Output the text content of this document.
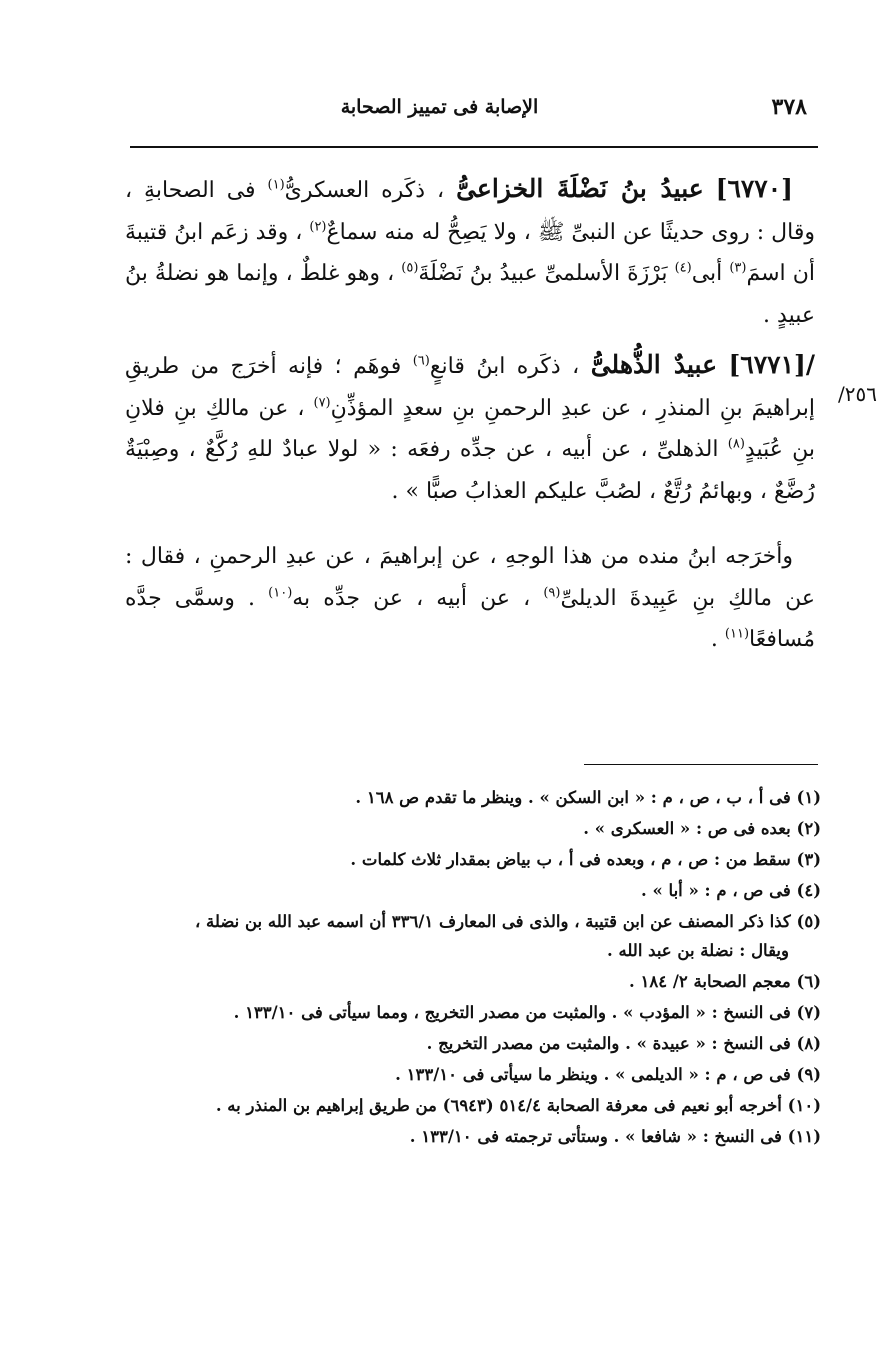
٣٧٨
الإصابة فى تمييز الصحابة
٢٥٦/

[٦٧٧٠] عبيدُ بنُ نَضْلَةَ الخزاعىُّ ، ذكَره العسكرىُّ$^{(١)}$ فى الصحابةِ ، وقال : روى حديثًا عن النبىِّ ﷺ ، ولا يَصِحُّ له منه سماعٌ$^{(٢)}$ ، وقد زعَم ابنُ قتيبةَ أن اسمَ$^{(٣)}$ أبى$^{(٤)}$ بَرْزَةَ الأسلمىِّ عبيدُ بنُ نَضْلَةَ$^{(٥)}$ ، وهو غلطٌ ، وإنما هو نضلةُ بنُ عبيدٍ .

/[٦٧٧١] عبيدٌ الذُّهلىُّ ، ذكَره ابنُ قانعٍ$^{(٦)}$ فوهَم ؛ فإنه أخرَج من طريقِ إبراهيمَ بنِ المنذرِ ، عن عبدِ الرحمنِ بنِ سعدٍ المؤذِّنِ$^{(٧)}$ ، عن مالكِ بنِ فلانِ بنِ عُبَيدٍ$^{(٨)}$ الذهلىِّ ، عن أبيه ، عن جدِّه رفعَه : « لولا عبادٌ للهِ رُكَّعٌ ، وصِبْيَةٌ رُضَّعٌ ، وبهائمُ رُتَّعٌ ، لصُبَّ عليكم العذابُ صبًّا » .

وأخرَجه ابنُ منده من هذا الوجهِ ، عن إبراهيمَ ، عن عبدِ الرحمنِ ، فقال : عن مالكِ بنِ عَبِيدةَ الديلىِّ$^{(٩)}$ ، عن أبيه ، عن جدِّه به$^{(١٠)}$ . وسمَّى جدَّه مُسافعًا$^{(١١)}$ .

(١) فى أ ، ب ، ص ، م : « ابن السكن » . وينظر ما تقدم ص ١٦٨ .

(٢) بعده فى ص : « العسكرى » .

(٣) سقط من : ص ، م ، وبعده فى أ ، ب بياض بمقدار ثلاث كلمات .

(٤) فى ص ، م : « أبا » .

(٥) كذا ذكر المصنف عن ابن قتيبة ، والذى فى المعارف ٣٣٦/١ أن اسمه عبد الله بن نضلة ،
ويقال : نضلة بن عبد الله .

(٦) معجم الصحابة ٢/ ١٨٤ .

(٧) فى النسخ : « المؤدب » . والمثبت من مصدر التخريج ، ومما سيأتى فى ١٣٣/١٠ .

(٨) فى النسخ : « عبيدة » . والمثبت من مصدر التخريج .

(٩) فى ص ، م : « الديلمى » . وينظر ما سيأتى فى ١٣٣/١٠ .

(١٠) أخرجه أبو نعيم فى معرفة الصحابة ٥١٤/٤ (٦٩٤٣) من طريق إبراهيم بن المنذر به .

(١١) فى النسخ : « شافعا » . وستأتى ترجمته فى ١٣٣/١٠ .
